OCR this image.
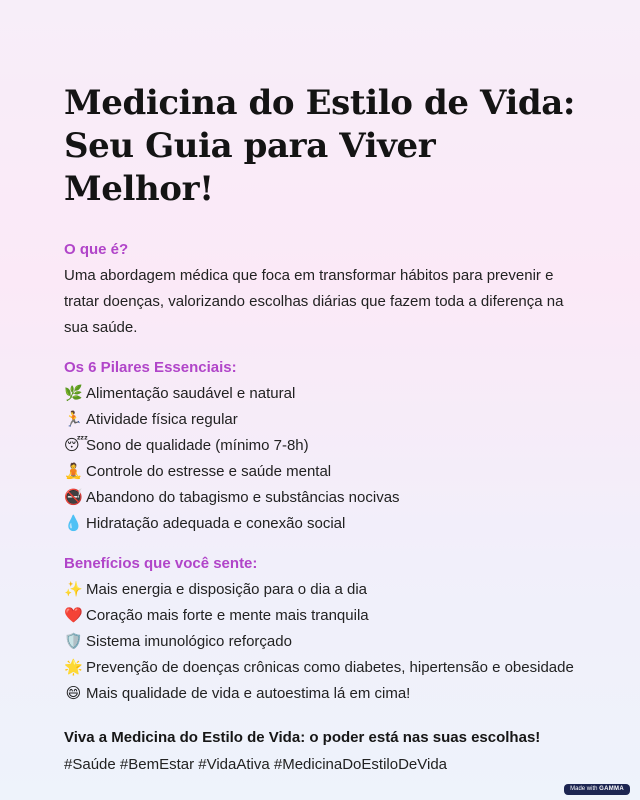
Medicina do Estilo de Vida:
Seu Guia para Viver Melhor!
O que é?

Uma abordagem médica que foca em transformar hábitos para prevenir e tratar doenças, valorizando escolhas diárias que fazem toda a diferença na sua saúde.

Os 6 Pilares Essenciais:
🌿 Alimentação saudável e natural
🏃 Atividade física regular
😴Sono de qualidade (mínimo 7-8h)
🧘 Controle do estresse e saúde mental
🚭 Abandono do tabagismo e substâncias nocivas
💧 Hidratação adequada e conexão social
Benefícios que você sente:
✨ Mais energia e disposição para o dia a dia
❤️ Coração mais forte e mente mais tranquila
🛡️ Sistema imunológico reforçado
🌟 Prevenção de doenças crônicas como diabetes, hipertensão e obesidade
😄 Mais qualidade de vida e autoestima lá em cima!
Viva a Medicina do Estilo de Vida: o poder está nas suas escolhas!
#Saúde #BemEstar #VidaAtiva #MedicinaDoEstiloDeVida
Made with GAMMA
